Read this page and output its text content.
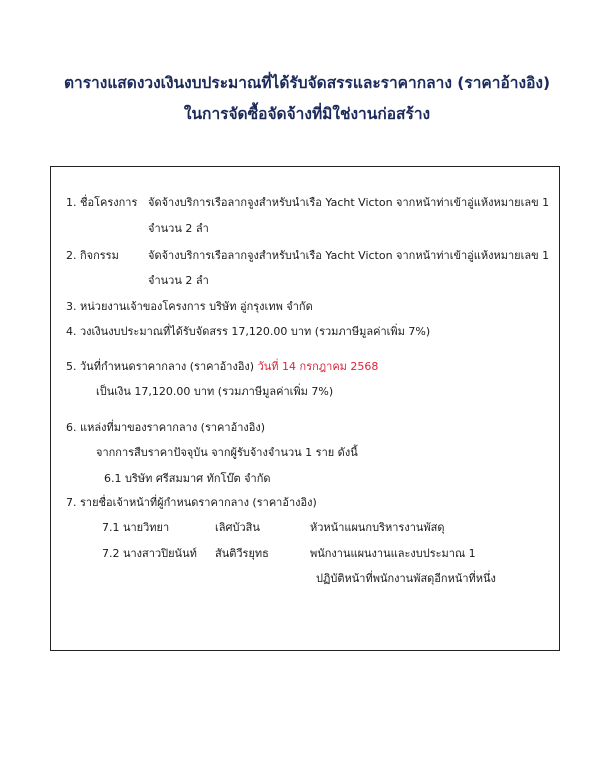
ตารางแสดงวงเงินงบประมาณที่ได้รับจัดสรรและราคากลาง (ราคาอ้างอิง)
ในการจัดซื้อจัดจ้างที่มิใช่งานก่อสร้าง
1. ชื่อโครงการ จัดจ้างบริการเรือลากจูงสำหรับนำเรือ Yacht Victon จากหน้าท่าเข้าอู่แห้งหมายเลข 1
จำนวน 2 ลำ
2. กิจกรรม	จัดจ้างบริการเรือลากจูงสำหรับนำเรือ Yacht Victon จากหน้าท่าเข้าอู่แห้งหมายเลข 1
จำนวน 2 ลำ
3. หน่วยงานเจ้าของโครงการ บริษัท อู่กรุงเทพ จำกัด
4. วงเงินงบประมาณที่ได้รับจัดสรร 17,120.00 บาท (รวมภาษีมูลค่าเพิ่ม 7%)
5. วันที่กำหนดราคากลาง (ราคาอ้างอิง) วันที่ 14 กรกฎาคม 2568
เป็นเงิน 17,120.00 บาท (รวมภาษีมูลค่าเพิ่ม 7%)
6. แหล่งที่มาของราคากลาง (ราคาอ้างอิง)
จากการสืบราคาปัจจุบัน จากผู้รับจ้างจำนวน 1 ราย ดังนี้
6.1 บริษัท ศรีสมมาศ ทักโบ๊ต จำกัด
7. รายชื่อเจ้าหน้าที่ผู้กำหนดราคากลาง (ราคาอ้างอิง)
7.1 นายวิทยา	เลิศบัวสิน	หัวหน้าแผนกบริหารงานพัสดุ
7.2 นางสาวปิยนันท์ สันติวีรยุทธ	พนักงานแผนงานและงบประมาณ 1
ปฏิบัติหน้าที่พนักงานพัสดุอีกหน้าที่หนึ่ง
